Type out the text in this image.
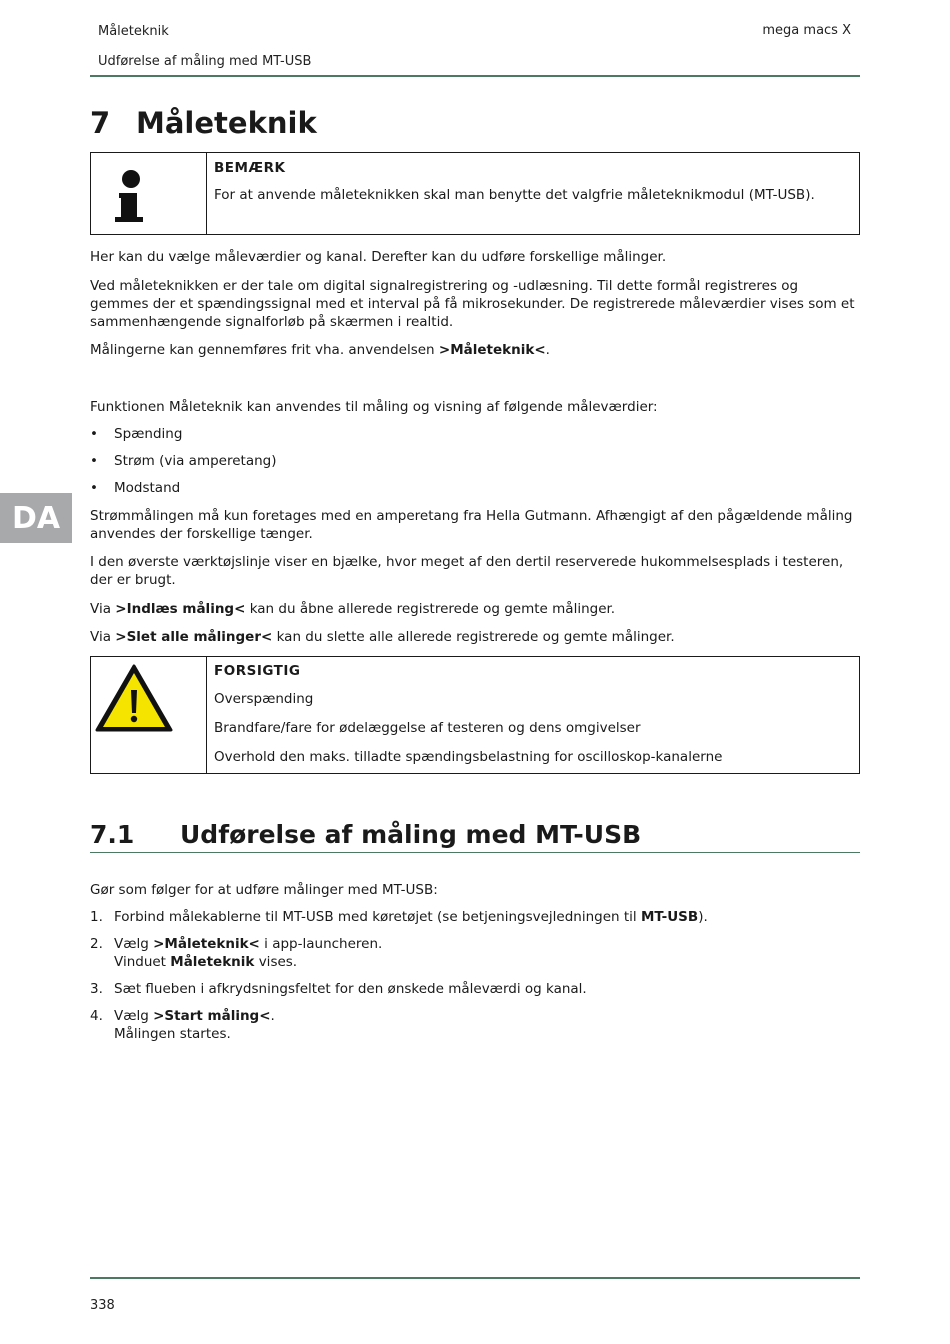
Måleteknik	mega macs X
Udførelse af måling med MT-USB
7 Måleteknik
BEMÆRK
For at anvende måleteknikken skal man benytte det valgfrie måleteknikmodul (MT-USB).
Her kan du vælge måleværdier og kanal. Derefter kan du udføre forskellige målinger.
Ved måleteknikken er der tale om digital signalregistrering og -udlæsning. Til dette formål registreres og gemmes der et spændingssignal med et interval på få mikrosekunder. De registrerede måleværdier vises som et sammenhængende signalforløb på skærmen i realtid.
Målingerne kan gennemføres frit vha. anvendelsen >Måleteknik<.
Funktionen Måleteknik kan anvendes til måling og visning af følgende måleværdier:
• Spænding
• Strøm (via amperetang)
• Modstand
DA	Strømmålingen må kun foretages med en amperetang fra Hella Gutmann. Afhængigt af den pågældende måling anvendes der forskellige tænger.
I den øverste værktøjslinje viser en bjælke, hvor meget af den dertil reserverede hukommelsesplads i testeren, der er brugt.
Via >Indlæs måling< kan du åbne allerede registrerede og gemte målinger.
Via >Slet alle målinger< kan du slette alle allerede registrerede og gemte målinger.
FORSIGTIG
Overspænding
Brandfare/fare for ødelæggelse af testeren og dens omgivelser
Overhold den maks. tilladte spændingsbelastning for oscilloskop-kanalerne
7.1 Udførelse af måling med MT-USB
Gør som følger for at udføre målinger med MT-USB:
1. Forbind målekablerne til MT-USB med køretøjet (se betjeningsvejledningen til MT-USB).
2. Vælg >Måleteknik< i app-launcheren.
Vinduet Måleteknik vises.
3. Sæt flueben i afkrydsningsfeltet for den ønskede måleværdi og kanal.
4. Vælg >Start måling<.
Målingen startes.
338
